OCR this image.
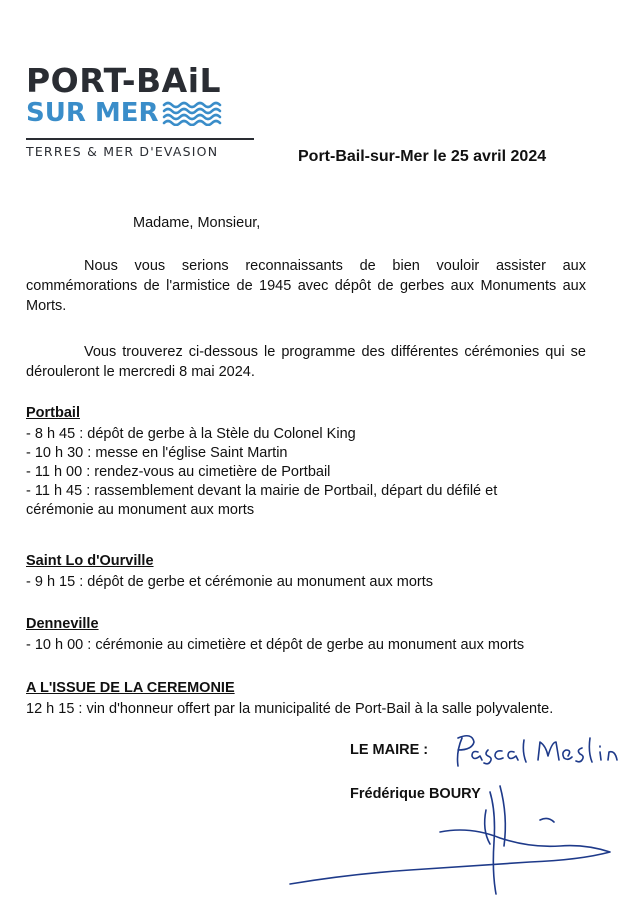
PORT-BAiL
SUR MER
TERRES & MER D'EVASION	Port-Bail-sur-Mer le 25 avril 2024
Madame, Monsieur,
Nous vous serions reconnaissants de bien vouloir assister aux
commémorations de l'armistice de 1945 avec dépôt de gerbes aux Monuments aux
Morts.
Vous trouverez ci-dessous le programme des différentes cérémonies qui se
dérouleront le mercredi 8 mai 2024.
Portbail
- 8 h 45 : dépôt de gerbe à la Stèle du Colonel King
- 10 h 30 : messe en l'église Saint Martin
- 11 h 00 : rendez-vous au cimetière de Portbail
- 11 h 45 : rassemblement devant la mairie de Portbail, départ du défilé et
cérémonie au monument aux morts
Saint Lo d'Ourville
- 9 h 15 : dépôt de gerbe et cérémonie au monument aux morts
Denneville
- 10 h 00 : cérémonie au cimetière et dépôt de gerbe au monument aux morts
A L'ISSUE DE LA CEREMONIE
12 h 15 : vin d'honneur offert par la municipalité de Port-Bail à la salle polyvalente.
LE MAIRE :
Frédérique BOURY
